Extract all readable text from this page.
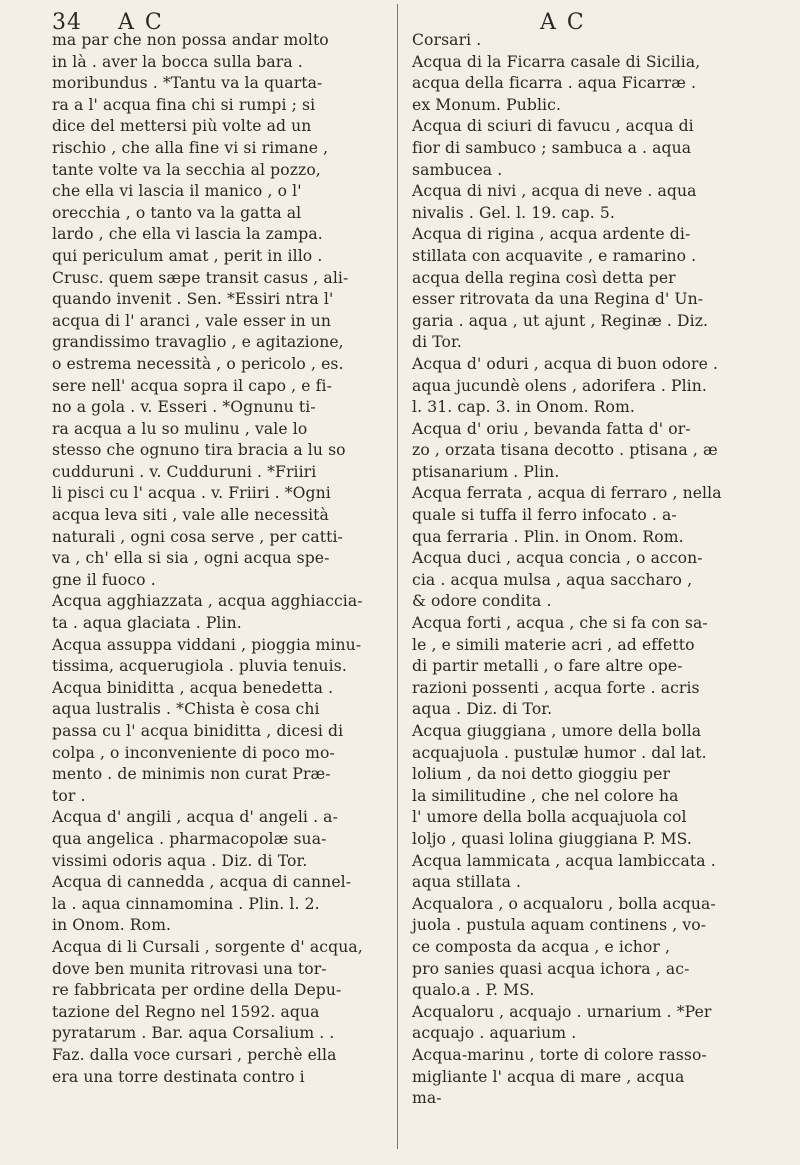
34 A C	A C
ma par che non possa andar molto
in là . aver la bocca sulla bara .
moribundus . *Tantu va la quarta-
ra a l' acqua fina chi si rumpi ; si
dice del mettersi più volte ad un
rischio , che alla fine vi si rimane ,
tante volte va la secchia al pozzo,
che ella vi lascia il manico , o l'
orecchia , o tanto va la gatta al
lardo , che ella vi lascia la zampa.
qui periculum amat , perit in illo .
Crusc. quem sæpe transit casus , ali-
quando invenit . Sen. *Essiri ntra l'
acqua di l' aranci , vale esser in un
grandissimo travaglio , e agitazione,
o estrema necessità , o pericolo , es.
sere nell' acqua sopra il capo , e fi-
no a gola . v. Esseri . *Ognunu ti-
ra acqua a lu so mulinu , vale lo
stesso che ognuno tira bracia a lu so
cudduruni . v. Cudduruni . *Friiri
li pisci cu l' acqua . v. Friiri . *Ogni
acqua leva siti , vale alle necessità
naturali , ogni cosa serve , per catti-
va , ch' ella si sia , ogni acqua spe-
gne il fuoco .
Acqua agghiazzata , acqua agghiaccia-
ta . aqua glaciata . Plin.
Acqua assuppa viddani , pioggia minu-
tissima, acquerugiola . pluvia tenuis.
Acqua biniditta , acqua benedetta .
aqua lustralis . *Chista è cosa chi
passa cu l' acqua biniditta , dicesi di
colpa , o inconveniente di poco mo-
mento . de minimis non curat Præ-
tor .
Acqua d' angili , acqua d' angeli . a-
qua angelica . pharmacopolæ sua-
vissimi odoris aqua . Diz. di Tor.
Acqua di cannedda , acqua di cannel-
la . aqua cinnamomina . Plin. l. 2.
in Onom. Rom.
Acqua di li Cursali , sorgente d' acqua,
dove ben munita ritrovasi una tor-
re fabbricata per ordine della Depu-
tazione del Regno nel 1592. aqua
pyratarum . Bar. aqua Corsalium . .
Faz. dalla voce cursari , perchè ella
era una torre destinata contro i
Corsari .
Acqua di la Ficarra casale di Sicilia,
acqua della ficarra . aqua Ficarræ .
ex Monum. Public.
Acqua di sciuri di favucu , acqua di
fior di sambuco ; sambuca a . aqua
sambucea .
Acqua di nivi , acqua di neve . aqua
nivalis . Gel. l. 19. cap. 5.
Acqua di rigina , acqua ardente di-
stillata con acquavite , e ramarino .
acqua della regina così detta per
esser ritrovata da una Regina d' Un-
garia . aqua , ut ajunt , Reginæ . Diz.
di Tor.
Acqua d' oduri , acqua di buon odore .
aqua jucundè olens , adorifera . Plin.
l. 31. cap. 3. in Onom. Rom.
Acqua d' oriu , bevanda fatta d' or-
zo , orzata tisana decotto . ptisana , æ
ptisanarium . Plin.
Acqua ferrata , acqua di ferraro , nella
quale si tuffa il ferro infocato . a-
qua ferraria . Plin. in Onom. Rom.
Acqua duci , acqua concia , o accon-
cia . acqua mulsa , aqua saccharo ,
& odore condita .
Acqua forti , acqua , che si fa con sa-
le , e simili materie acri , ad effetto
di partir metalli , o fare altre ope-
razioni possenti , acqua forte . acris
aqua . Diz. di Tor.
Acqua giuggiana , umore della bolla
acquajuola . pustulæ humor . dal lat.
lolium , da noi detto gioggiu per
la similitudine , che nel colore ha
l' umore della bolla acquajuola col
loljo , quasi lolina giuggiana P. MS.
Acqua lammicata , acqua lambiccata .
aqua stillata .
Acqualora , o acqualoru , bolla acqua-
juola . pustula aquam continens , vo-
ce composta da acqua , e ichor ,
pro sanies quasi acqua ichora , ac-
qualo.a . P. MS.
Acqualoru , acquajo . urnarium . *Per
acquajo . aquarium .
Acqua-marinu , torte di colore rasso-
migliante l' acqua di mare , acqua
ma-
